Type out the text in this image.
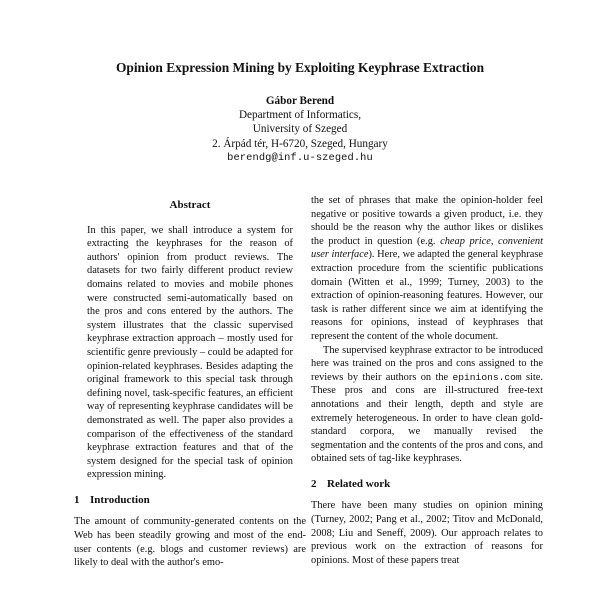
Opinion Expression Mining by Exploiting Keyphrase Extraction
Gábor Berend
Department of Informatics,
University of Szeged
2. Árpád tér, H-6720, Szeged, Hungary
berendg@inf.u-szeged.hu
Abstract

In this paper, we shall introduce a system for extracting the keyphrases for the reason of authors' opinion from product reviews. The datasets for two fairly different product review domains related to movies and mobile phones were constructed semi-automatically based on the pros and cons entered by the authors. The system illustrates that the classic supervised keyphrase extraction approach – mostly used for scientific genre previously – could be adapted for opinion-related keyphrases. Besides adapting the original framework to this special task through defining novel, task-specific features, an efficient way of representing keyphrase candidates will be demonstrated as well. The paper also provides a comparison of the effectiveness of the standard keyphrase extraction features and that of the system designed for the special task of opinion expression mining.

1 Introduction

The amount of community-generated contents on the Web has been steadily growing and most of the end-user contents (e.g. blogs and customer reviews) are likely to deal with the author's emo-

the set of phrases that make the opinion-holder feel negative or positive towards a given product, i.e. they should be the reason why the author likes or dislikes the product in question (e.g. cheap price, convenient user interface). Here, we adapted the general keyphrase extraction procedure from the scientific publications domain (Witten et al., 1999; Turney, 2003) to the extraction of opinion-reasoning features. However, our task is rather different since we aim at identifying the reasons for opinions, instead of keyphrases that represent the content of the whole document.

The supervised keyphrase extractor to be introduced here was trained on the pros and cons assigned to the reviews by their authors on the epinions.com site. These pros and cons are ill-structured free-text annotations and their length, depth and style are extremely heterogeneous. In order to have clean gold-standard corpora, we manually revised the segmentation and the contents of the pros and cons, and obtained sets of tag-like keyphrases.

2 Related work

There have been many studies on opinion mining (Turney, 2002; Pang et al., 2002; Titov and McDonald, 2008; Liu and Seneff, 2009). Our approach relates to previous work on the extraction of reasons for opinions. Most of these papers treat
